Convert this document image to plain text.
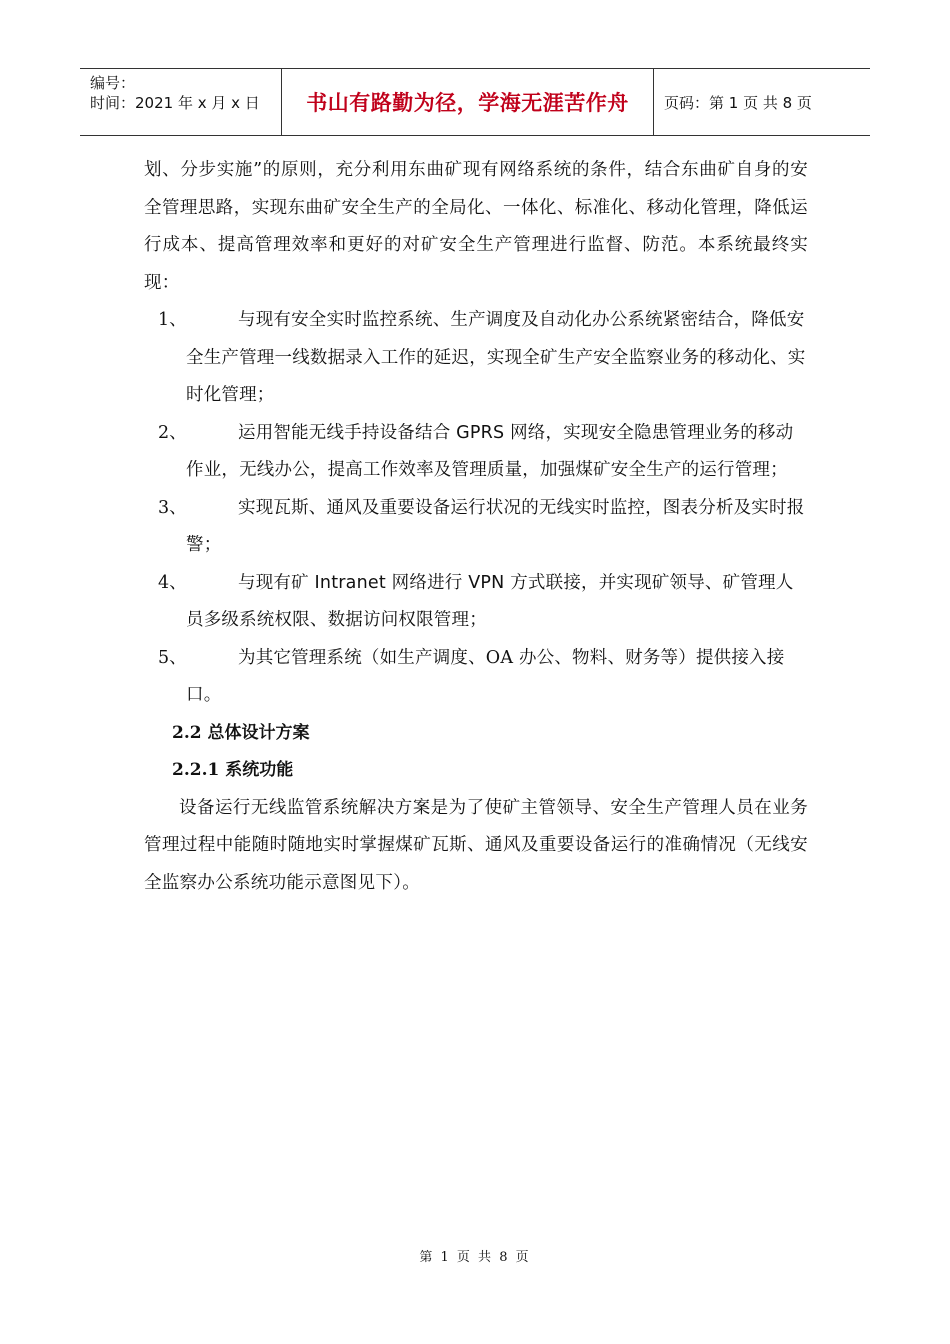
编号：
时间：2021 年 x 月 x 日	书山有路勤为径，学海无涯苦作舟	页码：第 1 页 共 8 页

划、分步实施”的原则，充分利用东曲矿现有网络系统的条件，结合东曲矿自身的安全管理思路，实现东曲矿安全生产的全局化、一体化、标准化、移动化管理，降低运行成本、提高管理效率和更好的对矿安全生产管理进行监督、防范。本系统最终实现：

1、	与现有安全实时监控系统、生产调度及自动化办公系统紧密结合，降低安全生产管理一线数据录入工作的延迟，实现全矿生产安全监察业务的移动化、实时化管理；
2、	运用智能无线手持设备结合 GPRS 网络，实现安全隐患管理业务的移动作业，无线办公，提高工作效率及管理质量，加强煤矿安全生产的运行管理；
3、	实现瓦斯、通风及重要设备运行状况的无线实时监控，图表分析及实时报警；
4、	与现有矿 Intranet 网络进行 VPN 方式联接，并实现矿领导、矿管理人员多级系统权限、数据访问权限管理；
5、	为其它管理系统（如生产调度、OA 办公、物料、财务等）提供接入接口。
2.2 总体设计方案
2.2.1 系统功能

设备运行无线监管系统解决方案是为了使矿主管领导、安全生产管理人员在业务管理过程中能随时随地实时掌握煤矿瓦斯、通风及重要设备运行的准确情况（无线安全监察办公系统功能示意图见下）。

第 1 页 共 8 页
